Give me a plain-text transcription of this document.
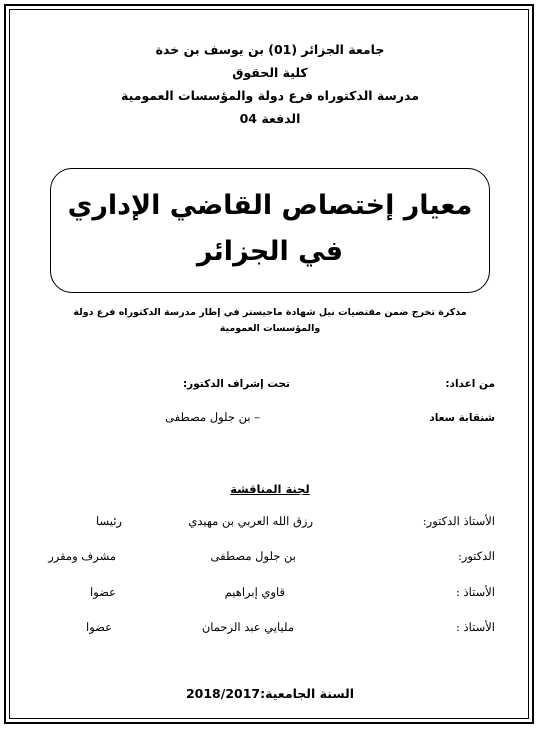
جامعة الجزائر (01) بن يوسف بن خدة
كلية الحقوق
مدرسة الدكتوراه فرع دولة والمؤسسات العمومية
الدفعة 04
معيار إختصاص القاضي الإداري
في الجزائر
مذكرة تخرج ضمن مقتضيات نيل شهادة ماجيستر في إطار مدرسة الدكتوراه فرع دولة
والمؤسسات العمومية
من اعداد:
شنقابة سعاد
تحت إشراف الدكتور:
– بن جلول مصطفى
لجنة المناقشة
الأستاذ الدكتور:
رزق الله العربي بن مهيدي
رئيسا
الدكتور:
بن جلول مصطفى
مشرف ومقرر
الأستاذ :
قاوي إبراهيم
عضوا
الأستاذ :
مليايي عبد الرحمان
عضوا
السنة الجامعية:2018/2017
